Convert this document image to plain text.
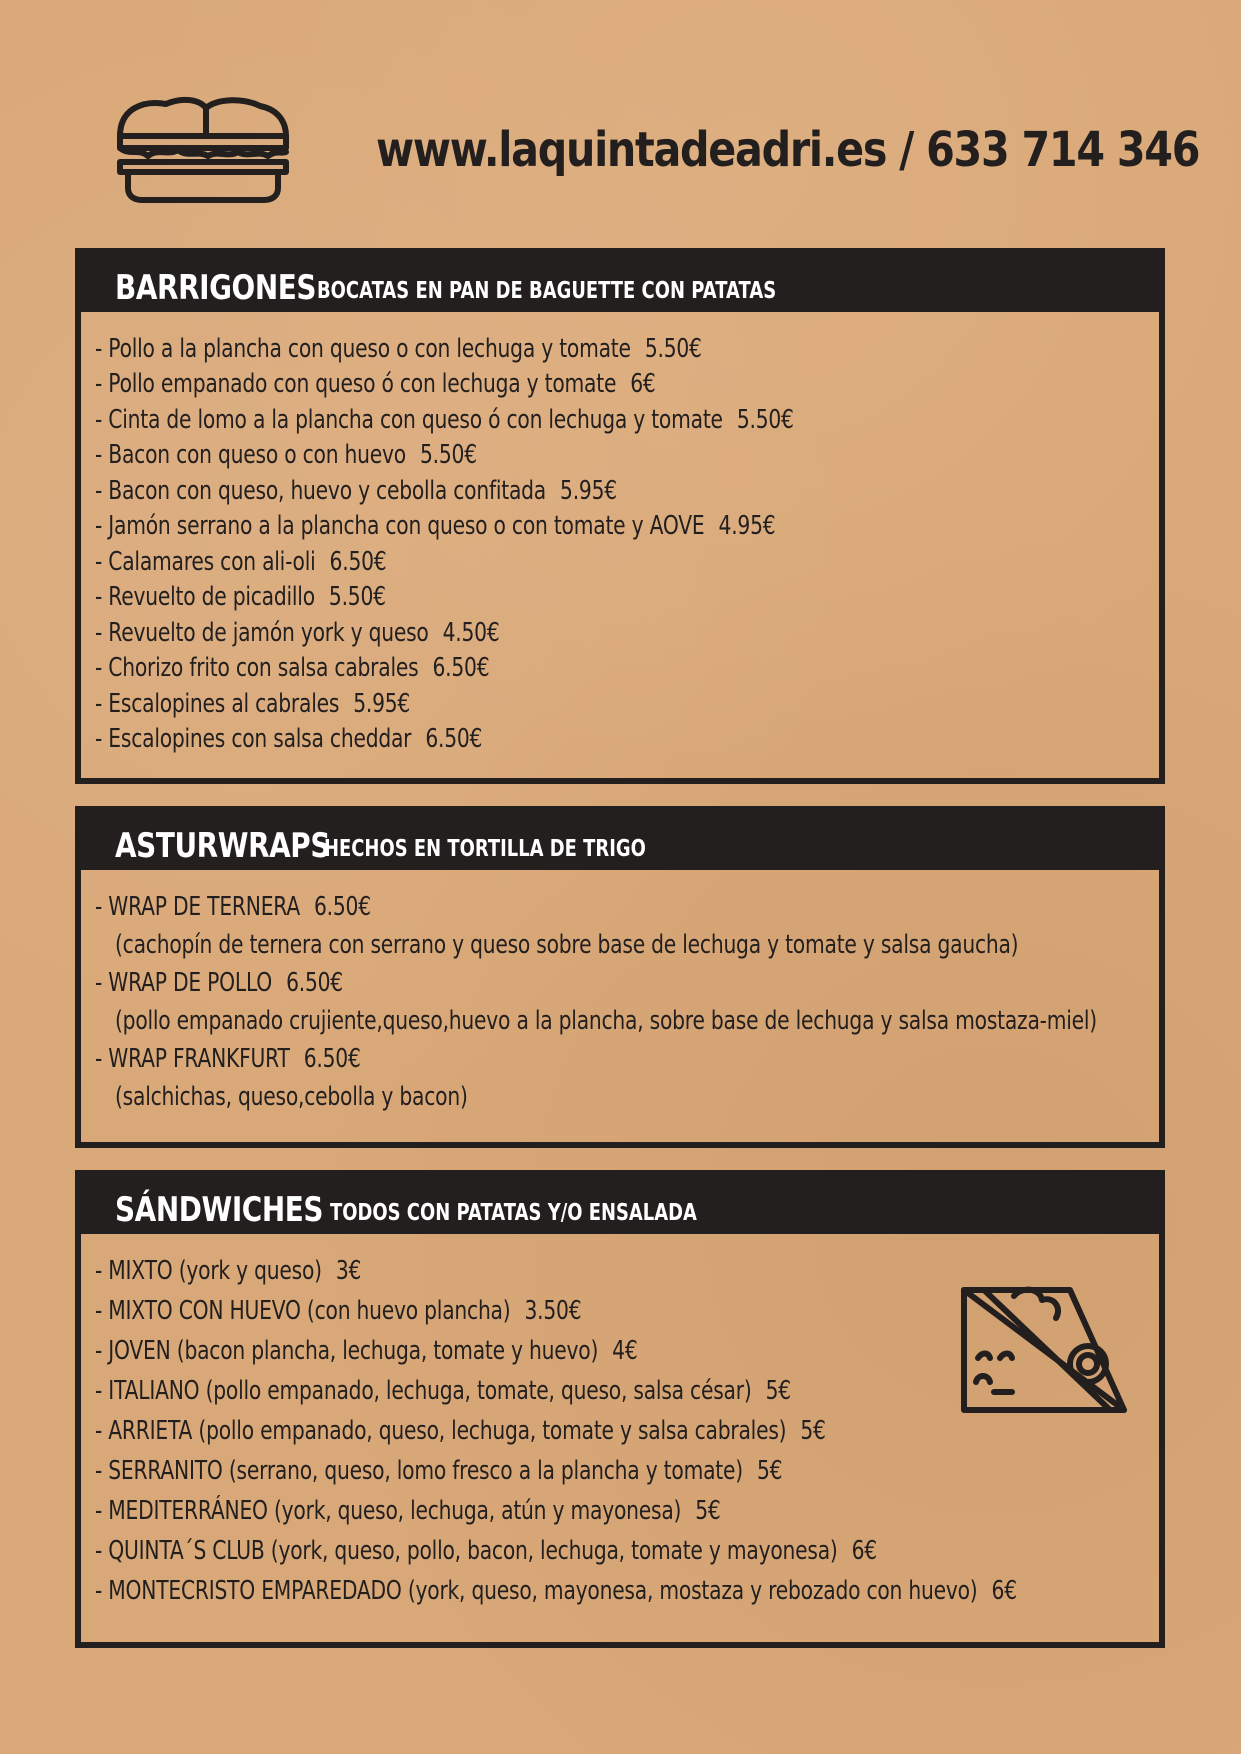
www.laquintadeadri.es / 633 714 346
BARRIGONES BOCATAS EN PAN DE BAGUETTE CON PATATAS
- Pollo a la plancha con queso o con lechuga y tomate 5.50€
- Pollo empanado con queso ó con lechuga y tomate 6€
- Cinta de lomo a la plancha con queso ó con lechuga y tomate 5.50€
- Bacon con queso o con huevo 5.50€
- Bacon con queso, huevo y cebolla confitada 5.95€
- Jamón serrano a la plancha con queso o con tomate y AOVE 4.95€
- Calamares con ali-oli 6.50€
- Revuelto de picadillo 5.50€
- Revuelto de jamón york y queso 4.50€
- Chorizo frito con salsa cabrales 6.50€
- Escalopines al cabrales 5.95€
- Escalopines con salsa cheddar 6.50€
ASTURWRAPS
HECHOS EN TORTILLA DE TRIGO
- WRAP DE TERNERA 6.50€
(cachopín de ternera con serrano y queso sobre base de lechuga y tomate y salsa gaucha)
- WRAP DE POLLO 6.50€
(pollo empanado crujiente,queso,huevo a la plancha, sobre base de lechuga y salsa mostaza-miel)
- WRAP FRANKFURT 6.50€
(salchichas, queso,cebolla y bacon)
SÁNDWICHES TODOS CON PATATAS Y/O ENSALADA
- MIXTO (york y queso) 3€
- MIXTO CON HUEVO (con huevo plancha) 3.50€
- JOVEN (bacon plancha, lechuga, tomate y huevo) 4€
- ITALIANO (pollo empanado, lechuga, tomate, queso, salsa césar) 5€
- ARRIETA (pollo empanado, queso, lechuga, tomate y salsa cabrales) 5€
- SERRANITO (serrano, queso, lomo fresco a la plancha y tomate) 5€
- MEDITERRÁNEO (york, queso, lechuga, atún y mayonesa) 5€
- QUINTA´S CLUB (york, queso, pollo, bacon, lechuga, tomate y mayonesa) 6€
- MONTECRISTO EMPAREDADO (york, queso, mayonesa, mostaza y rebozado con huevo) 6€
